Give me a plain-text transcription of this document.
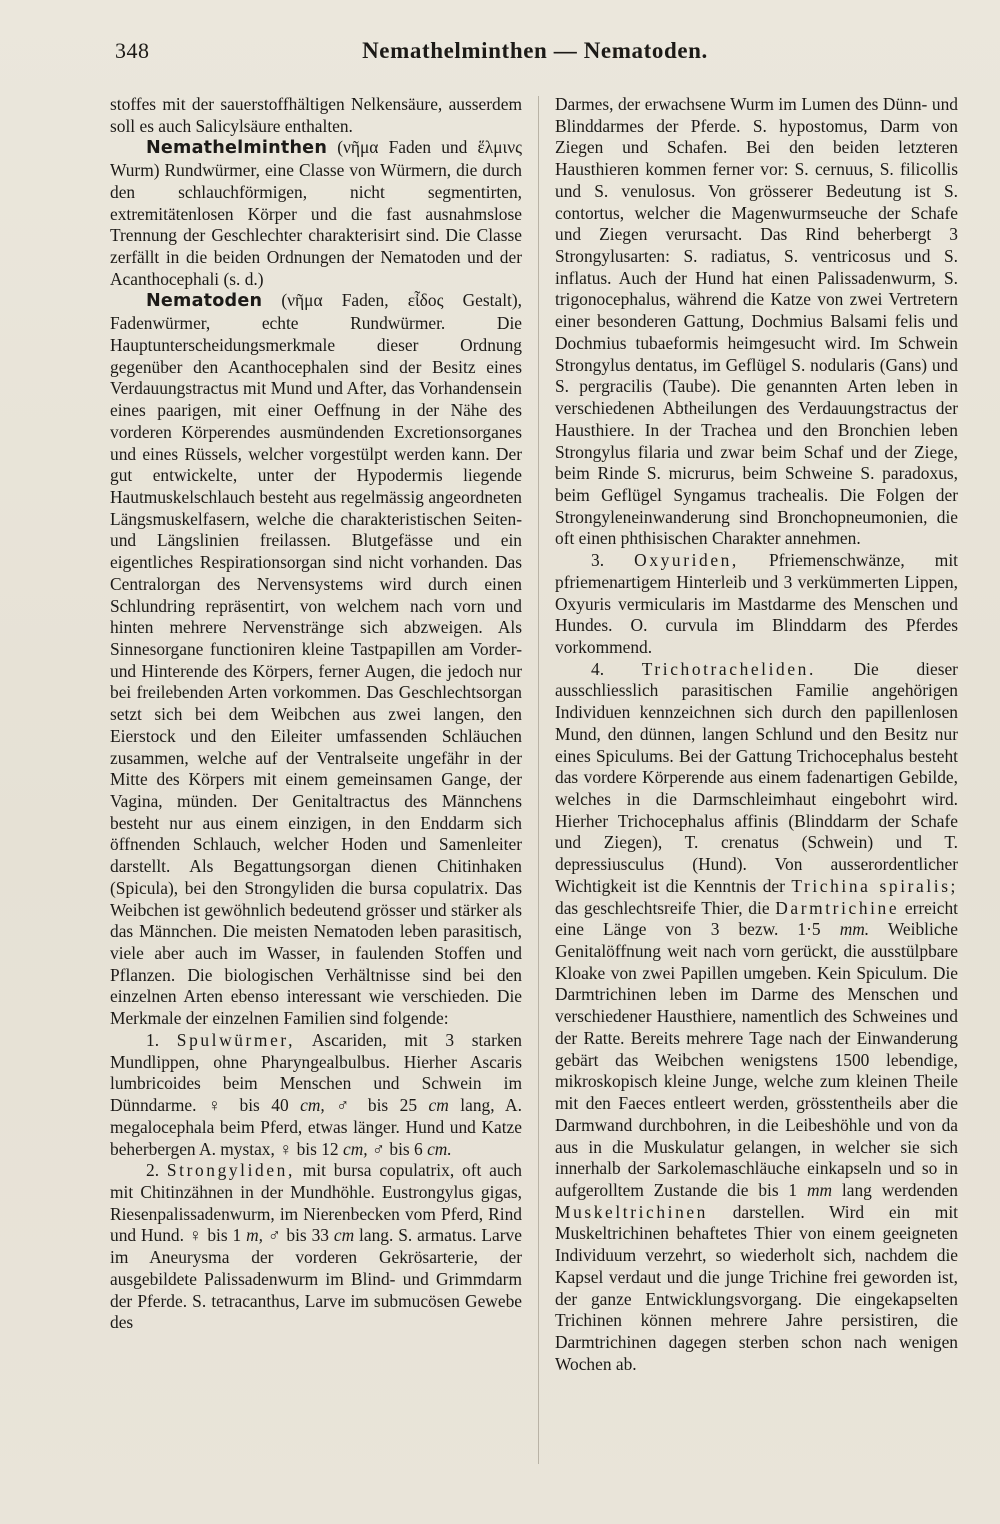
348	Nemathelminthen — Nematoden.

stoffes mit der sauerstoffhältigen Nelkensäure, ausserdem soll es auch Salicylsäure enthalten.

Nemathelminthen (νῆμα Faden und ἕλμινς Wurm) Rundwürmer, eine Classe von Würmern, die durch den schlauchförmigen, nicht segmentirten, extremitätenlosen Körper und die fast ausnahmslose Trennung der Geschlechter charakterisirt sind. Die Classe zerfällt in die beiden Ordnungen der Nematoden und der Acanthocephali (s. d.)

Nematoden (νῆμα Faden, εἶδος Gestalt), Fadenwürmer, echte Rundwürmer. Die Hauptunterscheidungsmerkmale dieser Ordnung gegenüber den Acanthocephalen sind der Besitz eines Verdauungstractus mit Mund und After, das Vorhandensein eines paarigen, mit einer Oeffnung in der Nähe des vorderen Körperendes ausmündenden Excretionsorganes und eines Rüssels, welcher vorgestülpt werden kann. Der gut entwickelte, unter der Hypodermis liegende Hautmuskelschlauch besteht aus regelmässig angeordneten Längsmuskelfasern, welche die charakteristischen Seiten- und Längslinien freilassen. Blutgefässe und ein eigentliches Respirationsorgan sind nicht vorhanden. Das Centralorgan des Nervensystems wird durch einen Schlundring repräsentirt, von welchem nach vorn und hinten mehrere Nervenstränge sich abzweigen. Als Sinnesorgane functioniren kleine Tastpapillen am Vorder- und Hinterende des Körpers, ferner Augen, die jedoch nur bei freilebenden Arten vorkommen. Das Geschlechtsorgan setzt sich bei dem Weibchen aus zwei langen, den Eierstock und den Eileiter umfassenden Schläuchen zusammen, welche auf der Ventralseite ungefähr in der Mitte des Körpers mit einem gemeinsamen Gange, der Vagina, münden. Der Genitaltractus des Männchens besteht nur aus einem einzigen, in den Enddarm sich öffnenden Schlauch, welcher Hoden und Samenleiter darstellt. Als Begattungsorgan dienen Chitinhaken (Spicula), bei den Strongyliden die bursa copulatrix. Das Weibchen ist gewöhnlich bedeutend grösser und stärker als das Männchen. Die meisten Nematoden leben parasitisch, viele aber auch im Wasser, in faulenden Stoffen und Pflanzen. Die biologischen Verhältnisse sind bei den einzelnen Arten ebenso interessant wie verschieden. Die Merkmale der einzelnen Familien sind folgende:

1. Spulwürmer, Ascariden, mit 3 starken Mundlippen, ohne Pharyngealbulbus. Hierher Ascaris lumbricoides beim Menschen und Schwein im Dünndarme. ♀ bis 40 cm, ♂ bis 25 cm lang, A. megalocephala beim Pferd, etwas länger. Hund und Katze beherbergen A. mystax, ♀ bis 12 cm, ♂ bis 6 cm.

2. Strongyliden, mit bursa copulatrix, oft auch mit Chitinzähnen in der Mundhöhle. Eustrongylus gigas, Riesenpalissadenwurm, im Nierenbecken vom Pferd, Rind und Hund. ♀ bis 1 m, ♂ bis 33 cm lang. S. armatus. Larve im Aneurysma der vorderen Gekrösarterie, der ausgebildete Palissadenwurm im Blind- und Grimmdarm der Pferde. S. tetracanthus, Larve im submucösen Gewebe des

Darmes, der erwachsene Wurm im Lumen des Dünn- und Blinddarmes der Pferde. S. hypostomus, Darm von Ziegen und Schafen. Bei den beiden letzteren Hausthieren kommen ferner vor: S. cernuus, S. filicollis und S. venulosus. Von grösserer Bedeutung ist S. contortus, welcher die Magenwurmseuche der Schafe und Ziegen verursacht. Das Rind beherbergt 3 Strongylusarten: S. radiatus, S. ventricosus und S. inflatus. Auch der Hund hat einen Palissadenwurm, S. trigonocephalus, während die Katze von zwei Vertretern einer besonderen Gattung, Dochmius Balsami felis und Dochmius tubaeformis heimgesucht wird. Im Schwein Strongylus dentatus, im Geflügel S. nodularis (Gans) und S. pergracilis (Taube). Die genannten Arten leben in verschiedenen Abtheilungen des Verdauungstractus der Hausthiere. In der Trachea und den Bronchien leben Strongylus filaria und zwar beim Schaf und der Ziege, beim Rinde S. micrurus, beim Schweine S. paradoxus, beim Geflügel Syngamus trachealis. Die Folgen der Strongyleneinwanderung sind Bronchopneumonien, die oft einen phthisischen Charakter annehmen.

3. Oxyuriden, Pfriemenschwänze, mit pfriemenartigem Hinterleib und 3 verkümmerten Lippen, Oxyuris vermicularis im Mastdarme des Menschen und Hundes. O. curvula im Blinddarm des Pferdes vorkommend.

4. Trichotracheliden. Die dieser ausschliesslich parasitischen Familie angehörigen Individuen kennzeichnen sich durch den papillenlosen Mund, den dünnen, langen Schlund und den Besitz nur eines Spiculums. Bei der Gattung Trichocephalus besteht das vordere Körperende aus einem fadenartigen Gebilde, welches in die Darmschleimhaut eingebohrt wird. Hierher Trichocephalus affinis (Blinddarm der Schafe und Ziegen), T. crenatus (Schwein) und T. depressiusculus (Hund). Von ausserordentlicher Wichtigkeit ist die Kenntnis der Trichina spiralis; das geschlechtsreife Thier, die Darmtrichine erreicht eine Länge von 3 bezw. 1·5 mm. Weibliche Genitalöffnung weit nach vorn gerückt, die ausstülpbare Kloake von zwei Papillen umgeben. Kein Spiculum. Die Darmtrichinen leben im Darme des Menschen und verschiedener Hausthiere, namentlich des Schweines und der Ratte. Bereits mehrere Tage nach der Einwanderung gebärt das Weibchen wenigstens 1500 lebendige, mikroskopisch kleine Junge, welche zum kleinen Theile mit den Faeces entleert werden, grösstentheils aber die Darmwand durchbohren, in die Leibeshöhle und von da aus in die Muskulatur gelangen, in welcher sie sich innerhalb der Sarkolemaschläuche einkapseln und so in aufgerolltem Zustande die bis 1 mm lang werdenden Muskeltrichinen darstellen. Wird ein mit Muskeltrichinen behaftetes Thier von einem geeigneten Individuum verzehrt, so wiederholt sich, nachdem die Kapsel verdaut und die junge Trichine frei geworden ist, der ganze Entwicklungsvorgang. Die eingekapselten Trichinen können mehrere Jahre persistiren, die Darmtrichinen dagegen sterben schon nach wenigen Wochen ab.
